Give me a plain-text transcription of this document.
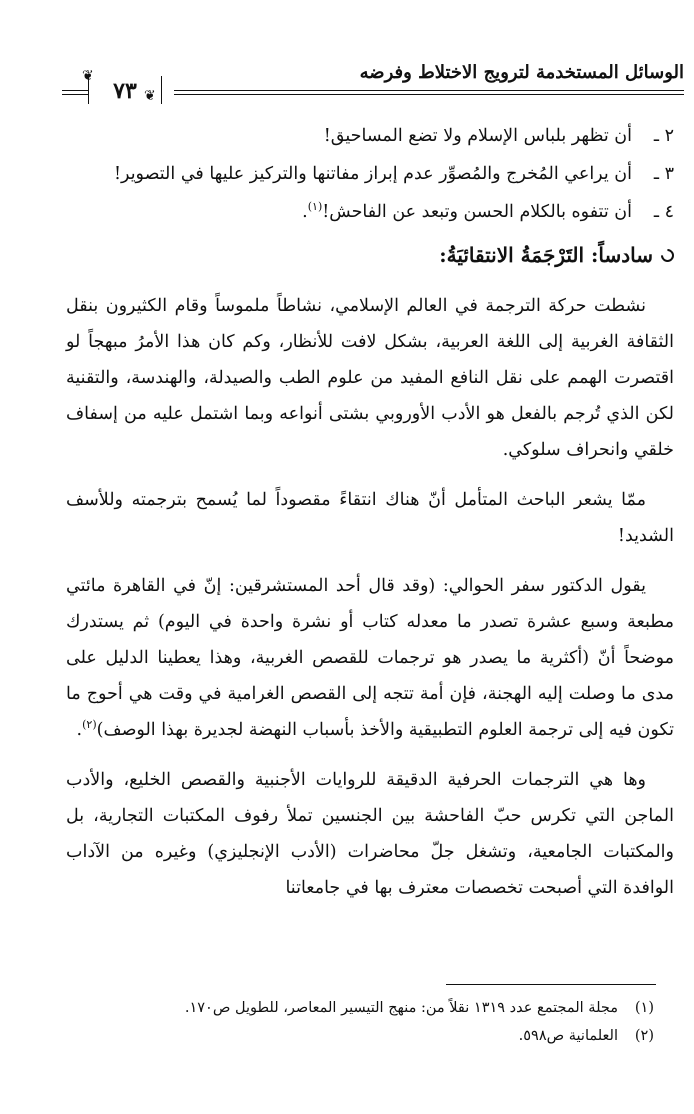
الوسائل المستخدمة لترويج الاختلاط وفرضه
٧٣
❦
❦
٢ ـ
أن تظهر بلباس الإسلام ولا تضع المساحيق!
٣ ـ
أن يراعي المُخرج والمُصوِّر عدم إبراز مفاتنها والتركيز عليها في التصوير!
٤ ـ
أن تتفوه بالكلام الحسن وتبعد عن الفاحش!$^{(١)}$.
سادساً: التَرْجَمَةُ الانتقائيَةُ:

نشطت حركة الترجمة في العالم الإسلامي، نشاطاً ملموساً وقام الكثيرون بنقل الثقافة الغربية إلى اللغة العربية، بشكل لافت للأنظار، وكم كان هذا الأمرُ مبهجاً لو اقتصرت الهمم على نقل النافع المفيد من علوم الطب والصيدلة، والهندسة، والتقنية لكن الذي تُرجم بالفعل هو الأدب الأوروبي بشتى أنواعه وبما اشتمل عليه من إسفاف خلقي وانحراف سلوكي.

ممّا يشعر الباحث المتأمل أنّ هناك انتقاءً مقصوداً لما يُسمح بترجمته وللأسف الشديد!

يقول الدكتور سفر الحوالي: (وقد قال أحد المستشرقين: إنّ في القاهرة مائتي مطبعة وسبع عشرة تصدر ما معدله كتاب أو نشرة واحدة في اليوم) ثم يستدرك موضحاً أنّ (أكثرية ما يصدر هو ترجمات للقصص الغربية، وهذا يعطينا الدليل على مدى ما وصلت إليه الهجنة، فإن أمة تتجه إلى القصص الغرامية في وقت هي أحوج ما تكون فيه إلى ترجمة العلوم التطبيقية والأخذ بأسباب النهضة لجديرة بهذا الوصف)$^{(٢)}$.

وها هي الترجمات الحرفية الدقيقة للروايات الأجنبية والقصص الخليع، والأدب الماجن التي تكرس حبّ الفاحشة بين الجنسين تملأ رفوف المكتبات التجارية، بل والمكتبات الجامعية، وتشغل جلّ محاضرات (الأدب الإنجليزي) وغيره من الآداب الوافدة التي أصبحت تخصصات معترف بها في جامعاتنا

(١)
مجلة المجتمع عدد ١٣١٩ نقلاً من: منهج التيسير المعاصر، للطويل ص١٧٠.
(٢)
العلمانية ص٥٩٨.
